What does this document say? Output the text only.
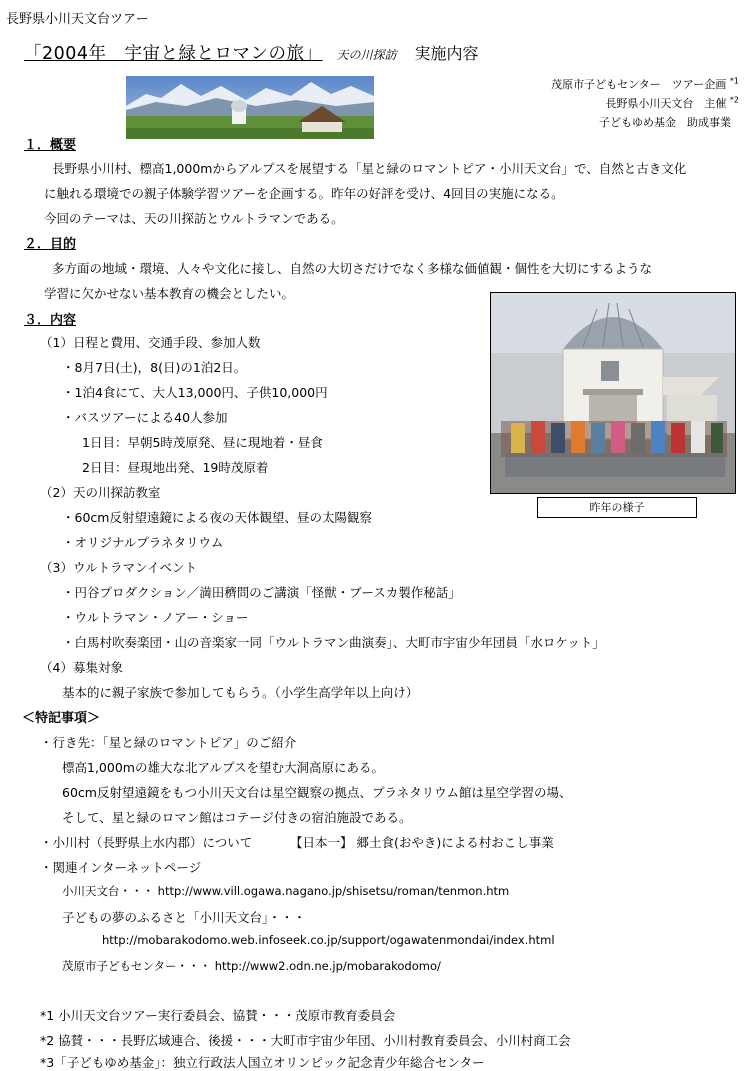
長野県小川天文台ツアー
「2004年　宇宙と緑とロマンの旅」 天の川探訪 実施内容
茂原市子どもセンター　ツアー企画 $^{*1}$
長野県小川天文台　主催 $^{*2}$
子どもゆめ基金　助成事業
１．概要
長野県小川村、標高1,000mからアルプスを展望する「星と緑のロマントピア・小川天文台」で、自然と古き文化
に触れる環境での親子体験学習ツアーを企画する。昨年の好評を受け、4回目の実施になる。
今回のテーマは、天の川探訪とウルトラマンである。
２．目的
多方面の地域・環境、人々や文化に接し、自然の大切さだけでなく多様な価値観・個性を大切にするような
学習に欠かせない基本教育の機会としたい。
３．内容
（1）日程と費用、交通手段、参加人数
・8月7日(土)，8(日)の1泊2日。
・1泊4食にて、大人13,000円、子供10,000円
・バスツアーによる40人参加
1日目：早朝5時茂原発、昼に現地着・昼食
2日目：昼現地出発、19時茂原着
（2）天の川探訪教室
・60cm反射望遠鏡による夜の天体観望、昼の太陽観察
・オリジナルプラネタリウム
（3）ウルトラマンイベント
・円谷プロダクション／満田穧問のご講演「怪獣・ブースカ製作秘話」
・ウルトラマン・ノアー・ショー
・白馬村吹奏楽団・山の音楽家一同「ウルトラマン曲演奏」、大町市宇宙少年団員「水ロケット」
（4）募集対象
基本的に親子家族で参加してもらう。（小学生高学年以上向け）
昨年の様子
＜特記事項＞
・行き先：「星と緑のロマントピア」のご紹介
標高1,000mの雄大な北アルプスを望む大洞高原にある。
60cm反射望遠鏡をもつ小川天文台は星空観察の拠点、プラネタリウム館は星空学習の場、
そして、星と緑のロマン館はコテージ付きの宿泊施設である。
・小川村（長野県上水内郡）について	【日本一】 郷土食(おやき)による村おこし事業
・関連インターネットページ
小川天文台・・・ http://www.vill.ogawa.nagano.jp/shisetsu/roman/tenmon.htm
子どもの夢のふるさと「小川天文台」・・・
http://mobarakodomo.web.infoseek.co.jp/support/ogawatenmondai/index.html
茂原市子どもセンター・・・ http://www2.odn.ne.jp/mobarakodomo/
*1 小川天文台ツアー実行委員会、協賛・・・茂原市教育委員会
*2 協賛・・・長野広域連合、後援・・・大町市宇宙少年団、小川村教育委員会、小川村商工会
*3「子どもゆめ基金」：独立行政法人国立オリンピック記念青少年総合センター
